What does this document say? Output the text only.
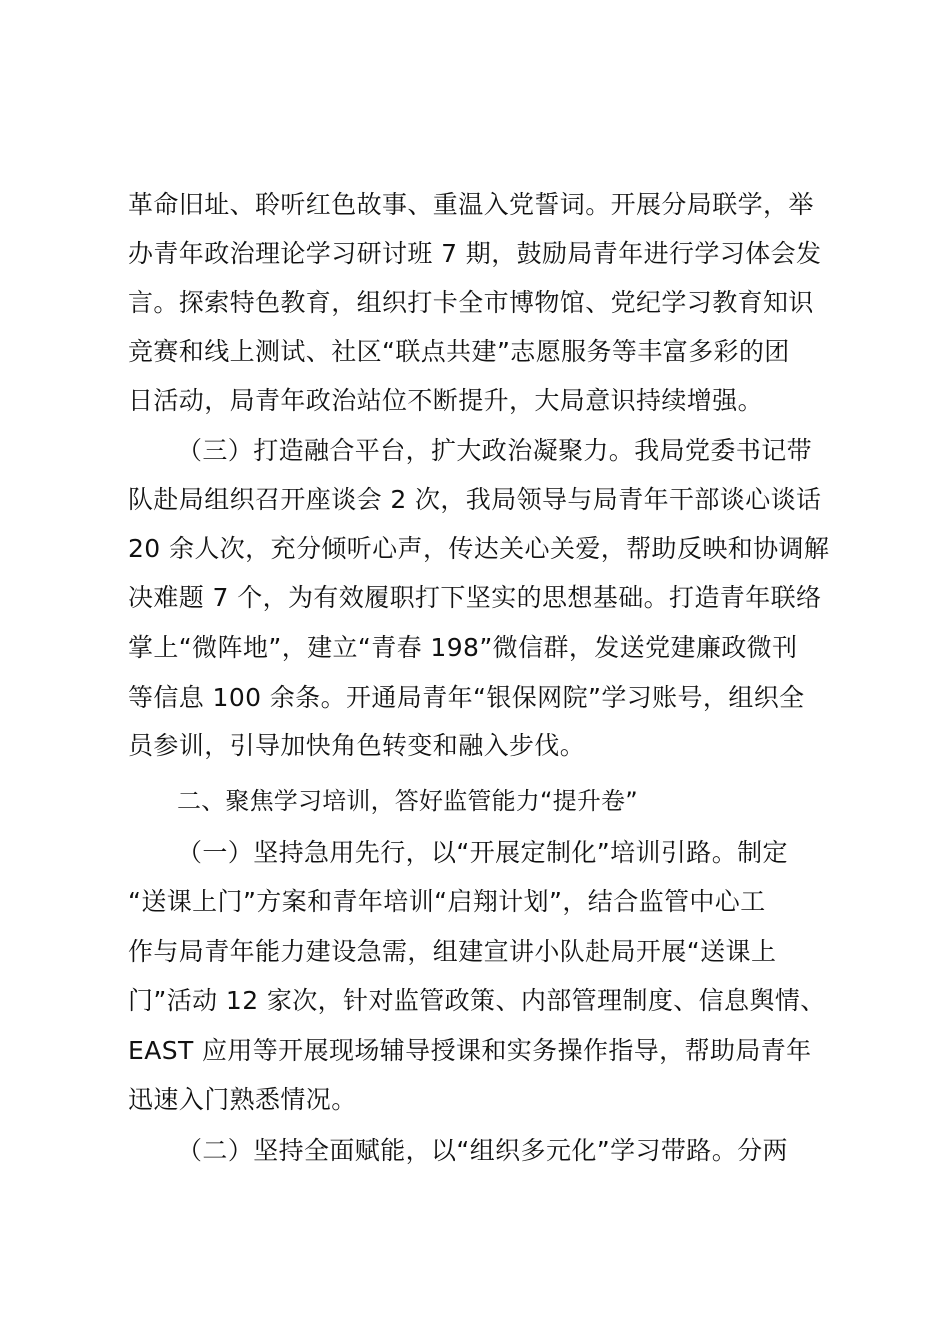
革命旧址、聆听红色故事、重温入党誓词。开展分局联学，举
办青年政治理论学习研讨班 7 期，鼓励局青年进行学习体会发
言。探索特色教育，组织打卡全市博物馆、党纪学习教育知识
竞赛和线上测试、社区“联点共建”志愿服务等丰富多彩的团
日活动，局青年政治站位不断提升，大局意识持续增强。
（三）打造融合平台，扩大政治凝聚力。我局党委书记带
队赴局组织召开座谈会 2 次，我局领导与局青年干部谈心谈话
20 余人次，充分倾听心声，传达关心关爱，帮助反映和协调解
决难题 7 个，为有效履职打下坚实的思想基础。打造青年联络
掌上“微阵地”，建立“青春 198”微信群，发送党建廉政微刊
等信息 100 余条。开通局青年“银保网院”学习账号，组织全
员参训，引导加快角色转变和融入步伐。
二、聚焦学习培训，答好监管能力“提升卷”
（一）坚持急用先行，以“开展定制化”培训引路。制定
“送课上门”方案和青年培训“启翔计划”，结合监管中心工
作与局青年能力建设急需，组建宣讲小队赴局开展“送课上
门”活动 12 家次，针对监管政策、内部管理制度、信息舆情、
EAST 应用等开展现场辅导授课和实务操作指导，帮助局青年
迅速入门熟悉情况。
（二）坚持全面赋能，以“组织多元化”学习带路。分两
